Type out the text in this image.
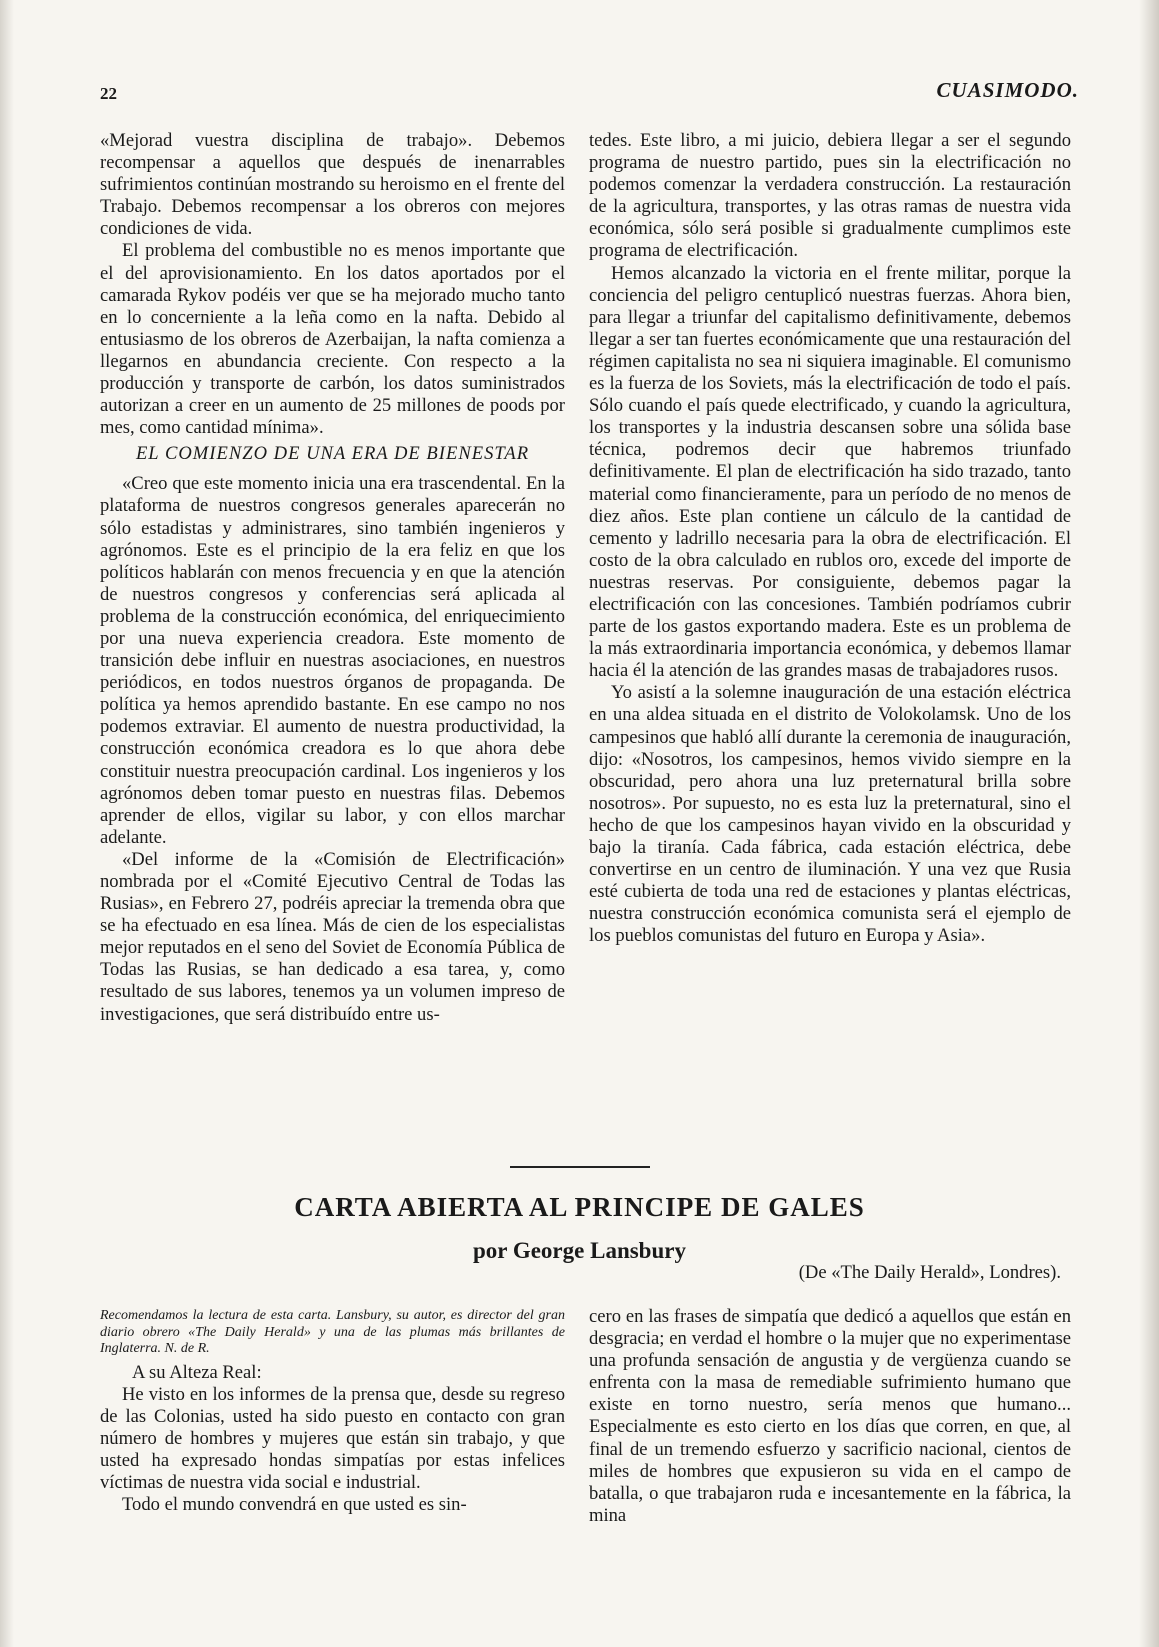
22	CUASIMODO.

«Mejorad vuestra disciplina de trabajo». Debemos recompensar a aquellos que después de inenarrables sufrimientos continúan mostrando su heroismo en el frente del Trabajo. Debemos recompensar a los obreros con mejores condiciones de vida.

El problema del combustible no es menos importante que el del aprovisionamiento. En los datos aportados por el camarada Rykov podéis ver que se ha mejorado mucho tanto en lo concerniente a la leña como en la nafta. Debido al entusiasmo de los obreros de Azerbaijan, la nafta comienza a llegarnos en abundancia creciente. Con respecto a la producción y transporte de carbón, los datos suministrados autorizan a creer en un aumento de 25 millones de poods por mes, como cantidad mínima».

EL COMIENZO DE UNA ERA DE BIENESTAR

«Creo que este momento inicia una era trascendental. En la plataforma de nuestros congresos generales aparecerán no sólo estadistas y administrares, sino también ingenieros y agrónomos. Este es el principio de la era feliz en que los políticos hablarán con menos frecuencia y en que la atención de nuestros congresos y conferencias será aplicada al problema de la construcción económica, del enriquecimiento por una nueva experiencia creadora. Este momento de transición debe influir en nuestras asociaciones, en nuestros periódicos, en todos nuestros órganos de propaganda. De política ya hemos aprendido bastante. En ese campo no nos podemos extraviar. El aumento de nuestra productividad, la construcción económica creadora es lo que ahora debe constituir nuestra preocupación cardinal. Los ingenieros y los agrónomos deben tomar puesto en nuestras filas. Debemos aprender de ellos, vigilar su labor, y con ellos marchar adelante.

«Del informe de la «Comisión de Electrificación» nombrada por el «Comité Ejecutivo Central de Todas las Rusias», en Febrero 27, podréis apreciar la tremenda obra que se ha efectuado en esa línea. Más de cien de los especialistas mejor reputados en el seno del Soviet de Economía Pública de Todas las Rusias, se han dedicado a esa tarea, y, como resultado de sus labores, tenemos ya un volumen impreso de investigaciones, que será distribuído entre us-

tedes. Este libro, a mi juicio, debiera llegar a ser el segundo programa de nuestro partido, pues sin la electrificación no podemos comenzar la verdadera construcción. La restauración de la agricultura, transportes, y las otras ramas de nuestra vida económica, sólo será posible si gradualmente cumplimos este programa de electrificación.

Hemos alcanzado la victoria en el frente militar, porque la conciencia del peligro centuplicó nuestras fuerzas. Ahora bien, para llegar a triunfar del capitalismo definitivamente, debemos llegar a ser tan fuertes económicamente que una restauración del régimen capitalista no sea ni siquiera imaginable. El comunismo es la fuerza de los Soviets, más la electrificación de todo el país. Sólo cuando el país quede electrificado, y cuando la agricultura, los transportes y la industria descansen sobre una sólida base técnica, podremos decir que habremos triunfado definitivamente. El plan de electrificación ha sido trazado, tanto material como financieramente, para un período de no menos de diez años. Este plan contiene un cálculo de la cantidad de cemento y ladrillo necesaria para la obra de electrificación. El costo de la obra calculado en rublos oro, excede del importe de nuestras reservas. Por consiguiente, debemos pagar la electrificación con las concesiones. También podríamos cubrir parte de los gastos exportando madera. Este es un problema de la más extraordinaria importancia económica, y debemos llamar hacia él la atención de las grandes masas de trabajadores rusos.

Yo asistí a la solemne inauguración de una estación eléctrica en una aldea situada en el distrito de Volokolamsk. Uno de los campesinos que habló allí durante la ceremonia de inauguración, dijo: «Nosotros, los campesinos, hemos vivido siempre en la obscuridad, pero ahora una luz preternatural brilla sobre nosotros». Por supuesto, no es esta luz la preternatural, sino el hecho de que los campesinos hayan vivido en la obscuridad y bajo la tiranía. Cada fábrica, cada estación eléctrica, debe convertirse en un centro de iluminación. Y una vez que Rusia esté cubierta de toda una red de estaciones y plantas eléctricas, nuestra construcción económica comunista será el ejemplo de los pueblos comunistas del futuro en Europa y Asia».

CARTA ABIERTA AL PRINCIPE DE GALES
por George Lansbury
(De «The Daily Herald», Londres).

Recomendamos la lectura de esta carta. Lansbury, su autor, es director del gran diario obrero «The Daily Herald» y una de las plumas más brillantes de Inglaterra. N. de R.

A su Alteza Real:

He visto en los informes de la prensa que, desde su regreso de las Colonias, usted ha sido puesto en contacto con gran número de hombres y mujeres que están sin trabajo, y que usted ha expresado hondas simpatías por estas infelices víctimas de nuestra vida social e industrial.

Todo el mundo convendrá en que usted es sin-

cero en las frases de simpatía que dedicó a aquellos que están en desgracia; en verdad el hombre o la mujer que no experimentase una profunda sensación de angustia y de vergüenza cuando se enfrenta con la masa de remediable sufrimiento humano que existe en torno nuestro, sería menos que humano... Especialmente es esto cierto en los días que corren, en que, al final de un tremendo esfuerzo y sacrificio nacional, cientos de miles de hombres que expusieron su vida en el campo de batalla, o que trabajaron ruda e incesantemente en la fábrica, la mina
